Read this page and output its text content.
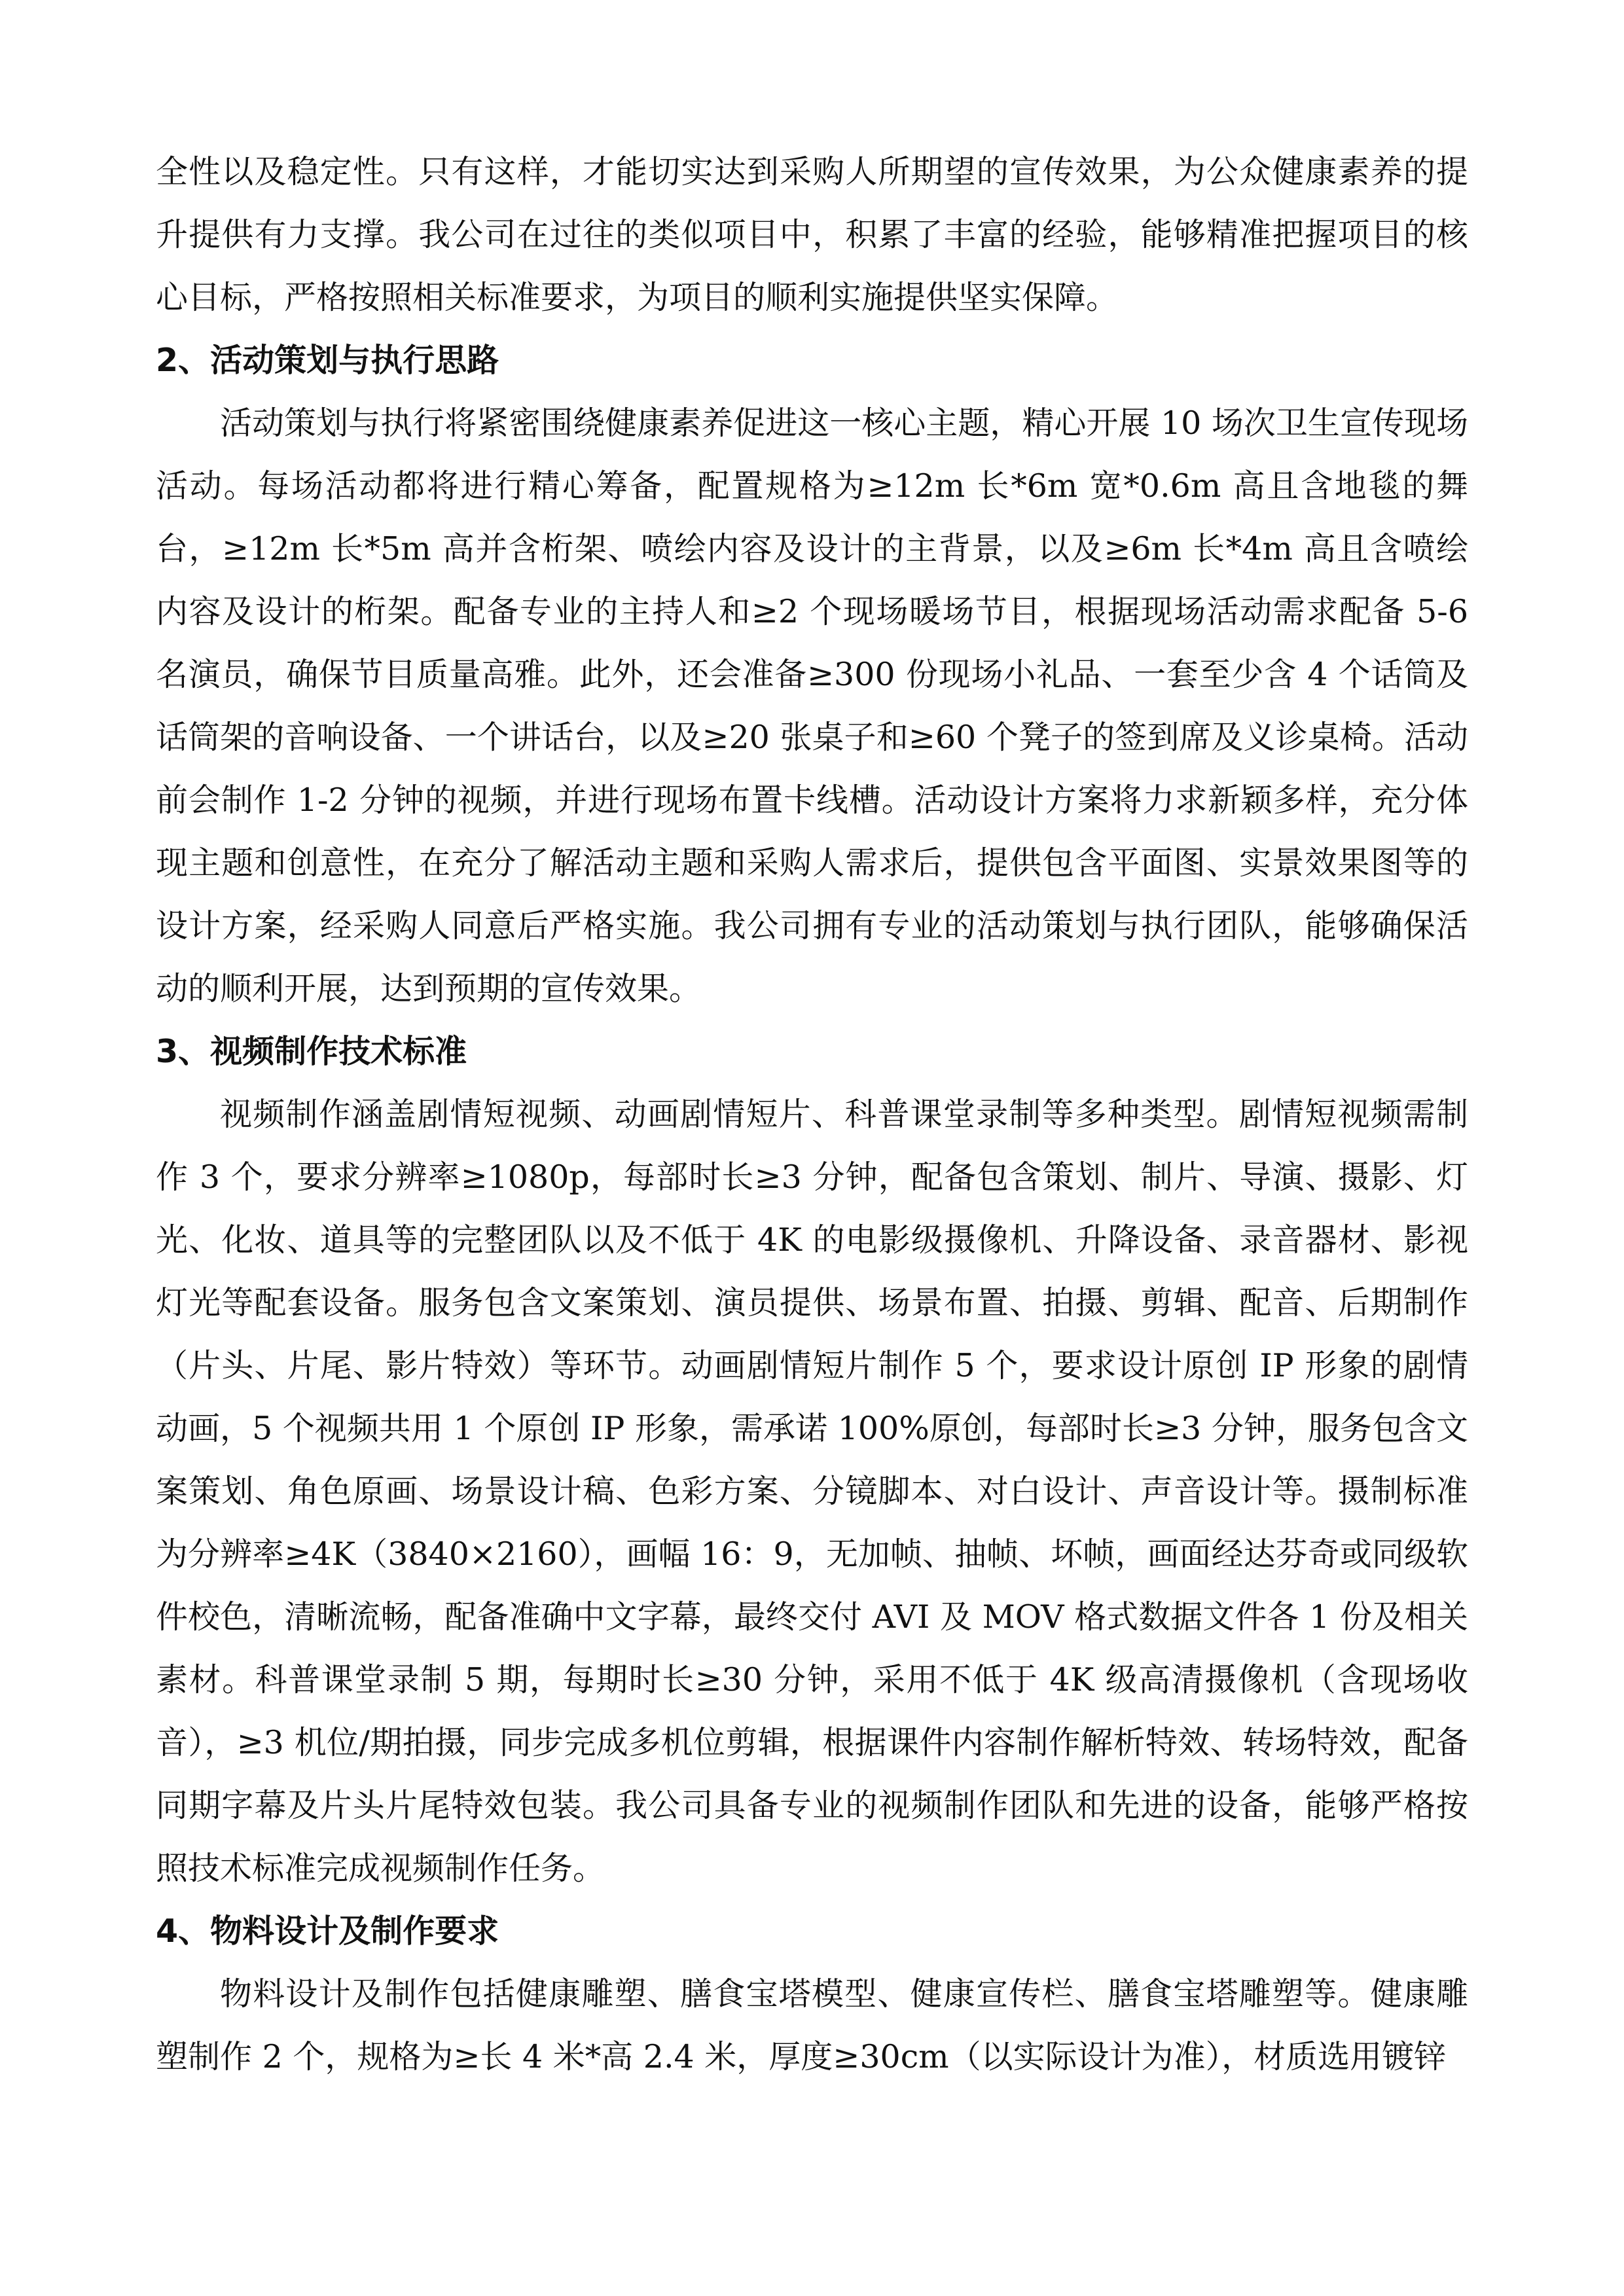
全性以及稳定性。只有这样，才能切实达到采购人所期望的宣传效果，为公众健康素养的提升提供有力支撑。我公司在过往的类似项目中，积累了丰富的经验，能够精准把握项目的核心目标，严格按照相关标准要求，为项目的顺利实施提供坚实保障。

2、活动策划与执行思路

活动策划与执行将紧密围绕健康素养促进这一核心主题，精心开展 10 场次卫生宣传现场活动。每场活动都将进行精心筹备，配置规格为≥12m 长*6m 宽*0.6m 高且含地毯的舞台，≥12m 长*5m 高并含桁架、喷绘内容及设计的主背景，以及≥6m 长*4m 高且含喷绘内容及设计的桁架。配备专业的主持人和≥2 个现场暖场节目，根据现场活动需求配备 5-6 名演员，确保节目质量高雅。此外，还会准备≥300 份现场小礼品、一套至少含 4 个话筒及话筒架的音响设备、一个讲话台，以及≥20 张桌子和≥60 个凳子的签到席及义诊桌椅。活动前会制作 1-2 分钟的视频，并进行现场布置卡线槽。活动设计方案将力求新颖多样，充分体现主题和创意性，在充分了解活动主题和采购人需求后，提供包含平面图、实景效果图等的设计方案，经采购人同意后严格实施。我公司拥有专业的活动策划与执行团队，能够确保活动的顺利开展，达到预期的宣传效果。

3、视频制作技术标准

视频制作涵盖剧情短视频、动画剧情短片、科普课堂录制等多种类型。剧情短视频需制作 3 个，要求分辨率≥1080p，每部时长≥3 分钟，配备包含策划、制片、导演、摄影、灯光、化妆、道具等的完整团队以及不低于 4K 的电影级摄像机、升降设备、录音器材、影视灯光等配套设备。服务包含文案策划、演员提供、场景布置、拍摄、剪辑、配音、后期制作（片头、片尾、影片特效）等环节。动画剧情短片制作 5 个，要求设计原创 IP 形象的剧情动画，5 个视频共用 1 个原创 IP 形象，需承诺 100%原创，每部时长≥3 分钟，服务包含文案策划、角色原画、场景设计稿、色彩方案、分镜脚本、对白设计、声音设计等。摄制标准为分辨率≥4K（3840×2160），画幅 16：9，无加帧、抽帧、坏帧，画面经达芬奇或同级软件校色，清晰流畅，配备准确中文字幕，最终交付 AVI 及 MOV 格式数据文件各 1 份及相关素材。科普课堂录制 5 期，每期时长≥30 分钟，采用不低于 4K 级高清摄像机（含现场收音），≥3 机位/期拍摄，同步完成多机位剪辑，根据课件内容制作解析特效、转场特效，配备同期字幕及片头片尾特效包装。我公司具备专业的视频制作团队和先进的设备，能够严格按照技术标准完成视频制作任务。

4、物料设计及制作要求

物料设计及制作包括健康雕塑、膳食宝塔模型、健康宣传栏、膳食宝塔雕塑等。健康雕塑制作 2 个，规格为≥长 4 米*高 2.4 米，厚度≥30cm（以实际设计为准），材质选用镀锌
